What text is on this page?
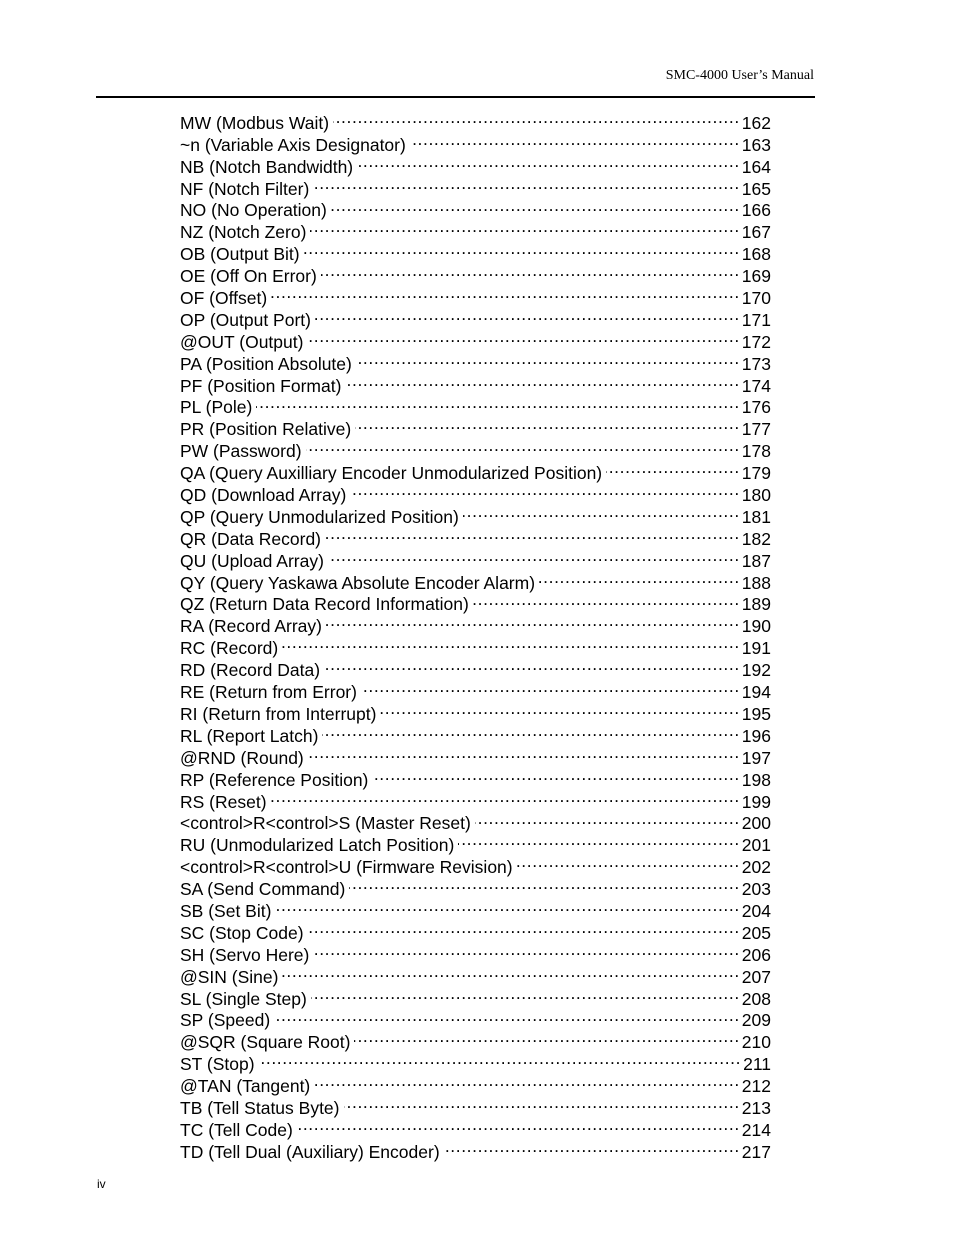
SMC-4000 User’s Manual
MW (Modbus Wait) .....	162
~n (Variable Axis Designator) .....	163
NB (Notch Bandwidth) .....	164
NF (Notch Filter) .....	165
NO (No Operation) .....	166
NZ (Notch Zero) .....	167
OB (Output Bit) .....	168
OE (Off On Error) .....	169
OF (Offset) .....	170
OP (Output Port) .....	171
@OUT (Output) .....	172
PA (Position Absolute) .....	173
PF (Position Format) .....	174
PL (Pole) .....	176
PR (Position Relative) .....	177
PW (Password) .....	178
QA (Query Auxilliary Encoder Unmodularized Position) .....	179
QD (Download Array) .....	180
QP (Query Unmodularized Position) .....	181
QR (Data Record) .....	182
QU (Upload Array) .....	187
QY (Query Yaskawa Absolute Encoder Alarm) .....	188
QZ (Return Data Record Information) .....	189
RA (Record Array) .....	190
RC (Record) .....	191
RD (Record Data) .....	192
RE (Return from Error) .....	194
RI (Return from Interrupt) .....	195
RL (Report Latch) .....	196
@RND (Round) .....	197
RP (Reference Position) .....	198
RS (Reset) .....	199
<control>R<control>S (Master Reset) .....	200
RU (Unmodularized Latch Position) .....	201
<control>R<control>U (Firmware Revision) .....	202
SA (Send Command) .....	203
SB (Set Bit) .....	204
SC (Stop Code) .....	205
SH (Servo Here) .....	206
@SIN (Sine) .....	207
SL (Single Step) .....	208
SP (Speed) .....	209
@SQR (Square Root) .....	210
ST (Stop) .....	211
@TAN (Tangent) .....	212
TB (Tell Status Byte) .....	213
TC (Tell Code) .....	214
TD (Tell Dual (Auxiliary) Encoder) .....	217
iv
